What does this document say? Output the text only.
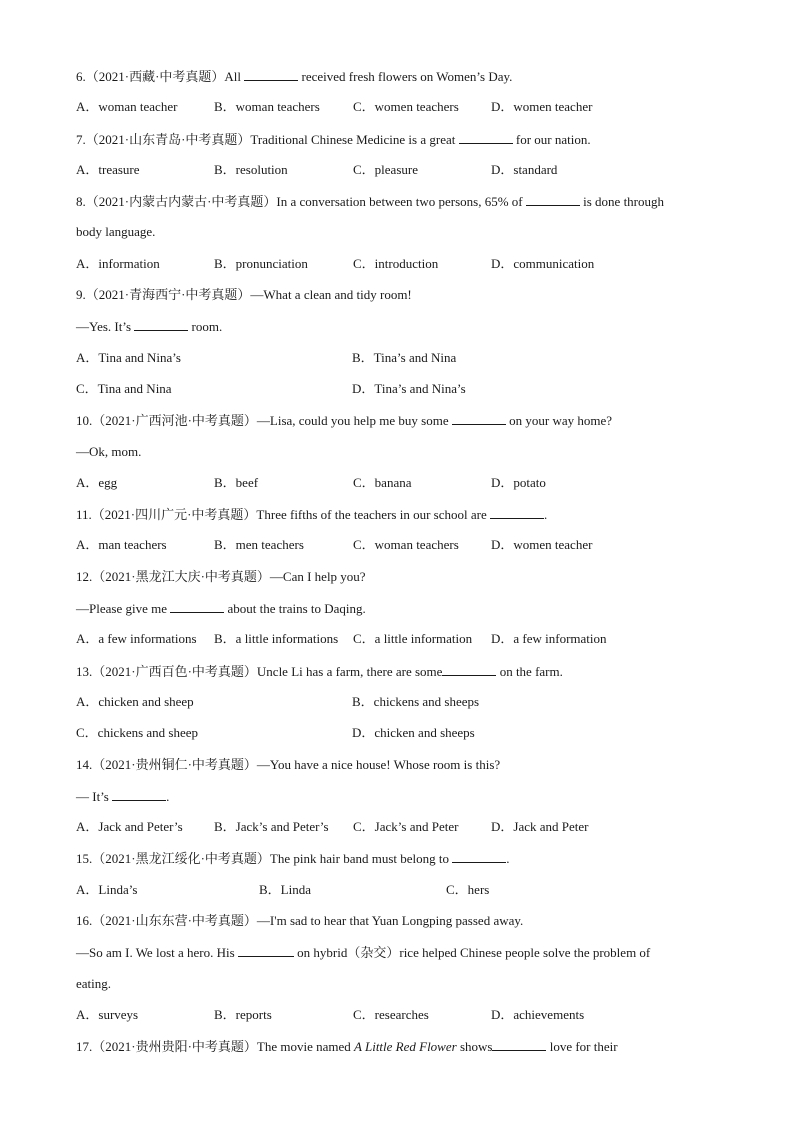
6.（2021·西藏·中考真题）All	received fresh flowers on Women’s Day.
A．woman teacher	B．woman teachers	C．women teachers D．women teacher
7.（2021·山东青岛·中考真题）Traditional Chinese Medicine is a great	for our nation.
A．treasure	B．resolution	C．pleasure	D．standard
8.（2021·内蒙古内蒙古·中考真题）In a conversation between two persons, 65% of	is done through
body language.
A．information	B．pronunciation	C．introduction	D．communication
9.（2021·青海西宁·中考真题）—What a clean and tidy room!
—Yes. It’s	room.
A．Tina and Nina’s	B．Tina’s and Nina
C．Tina and Nina	D．Tina’s and Nina’s
10.（2021·广西河池·中考真题）—Lisa, could you help me buy some	on your way home?
—Ok, mom.
A．egg	B．beef	C．banana	D．potato
11.（2021·四川广元·中考真题）Three fifths of the teachers in our school are	.
A．man teachers	B．men teachers	C．woman teachers D．women teacher
12.（2021·黑龙江大庆·中考真题）—Can I help you?
—Please give me	about the trains to Daqing.
A．a few informations B．a little informations C．a little information D．a few information
13.（2021·广西百色·中考真题）Uncle Li has a farm, there are some	on the farm.
A．chicken and sheep	B．chickens and sheeps
C．chickens and sheep	D．chicken and sheeps
14.（2021·贵州铜仁·中考真题）—You have a nice house! Whose room is this?
— It’s	.
A．Jack and Peter’s B．Jack’s and Peter’s C．Jack’s and Peter	D．Jack and Peter
15.（2021·黑龙江绥化·中考真题）The pink hair band must belong to	.
A．Linda’s	B．Linda	C．hers
16.（2021·山东东营·中考真题）—I'm sad to hear that Yuan Longping passed away.
—So am I. We lost a hero. His	on hybrid（杂交）rice helped Chinese people solve the problem of
eating.
A．surveys	B．reports	C．researches	D．achievements
17.（2021·贵州贵阳·中考真题）The movie named A Little Red Flower shows	love for their
